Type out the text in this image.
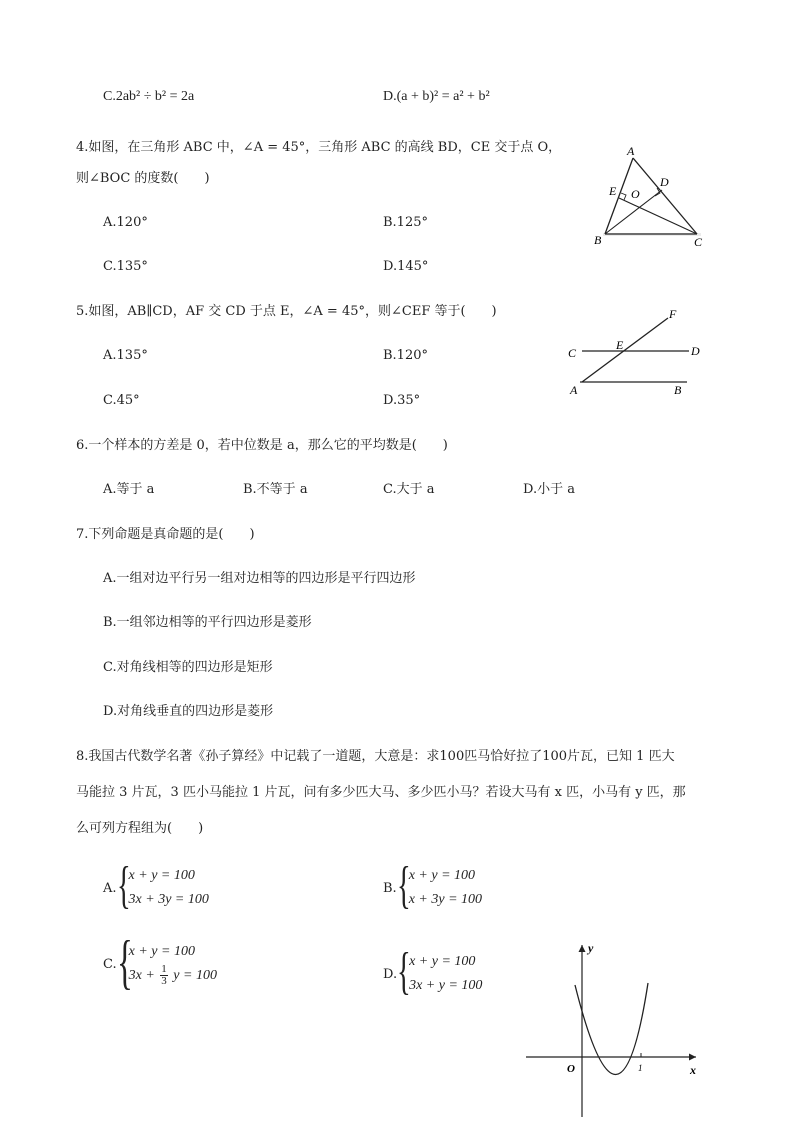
C.2ab² ÷ b² = 2a	D.(a + b)² = a² + b²
4.如图，在三角形 ABC 中，∠A = 45°，三角形 ABC 的高线 BD，CE 交于点 O，
则∠BOC 的度数(　　)
A.120°	B.125°
C.135°	D.145°
A
B	C
D
E O
5.如图，AB∥CD，AF 交 CD 于点 E，∠A = 45°，则∠CEF 等于(　　)
A.135°	B.120°
C.45°	D.35°
C	D
E
F
A	B
6.一个样本的方差是 0，若中位数是 a，那么它的平均数是(　　)
A.等于 a	B.不等于 a	C.大于 a	D.小于 a
7.下列命题是真命题的是(　　)
A.一组对边平行另一组对边相等的四边形是平行四边形
B.一组邻边相等的平行四边形是菱形
C.对角线相等的四边形是矩形
D.对角线垂直的四边形是菱形
8.我国古代数学名著《孙子算经》中记载了一道题，大意是：求100匹马恰好拉了100片瓦，已知 1 匹大
马能拉 3 片瓦，3 匹小马能拉 1 片瓦，问有多少匹大马、多少匹小马？若设大马有 x 匹，小马有 y 匹，那
么可列方程组为(　　)
A. {
x + y = 100
3x + 3y = 100
B. {
x + y = 100
x + 3y = 100
C. {
x + y = 100
$3x + \frac{1}{3}$ y = 100	D. {
x + y = 100
3x + y = 100
y
x
O	1
